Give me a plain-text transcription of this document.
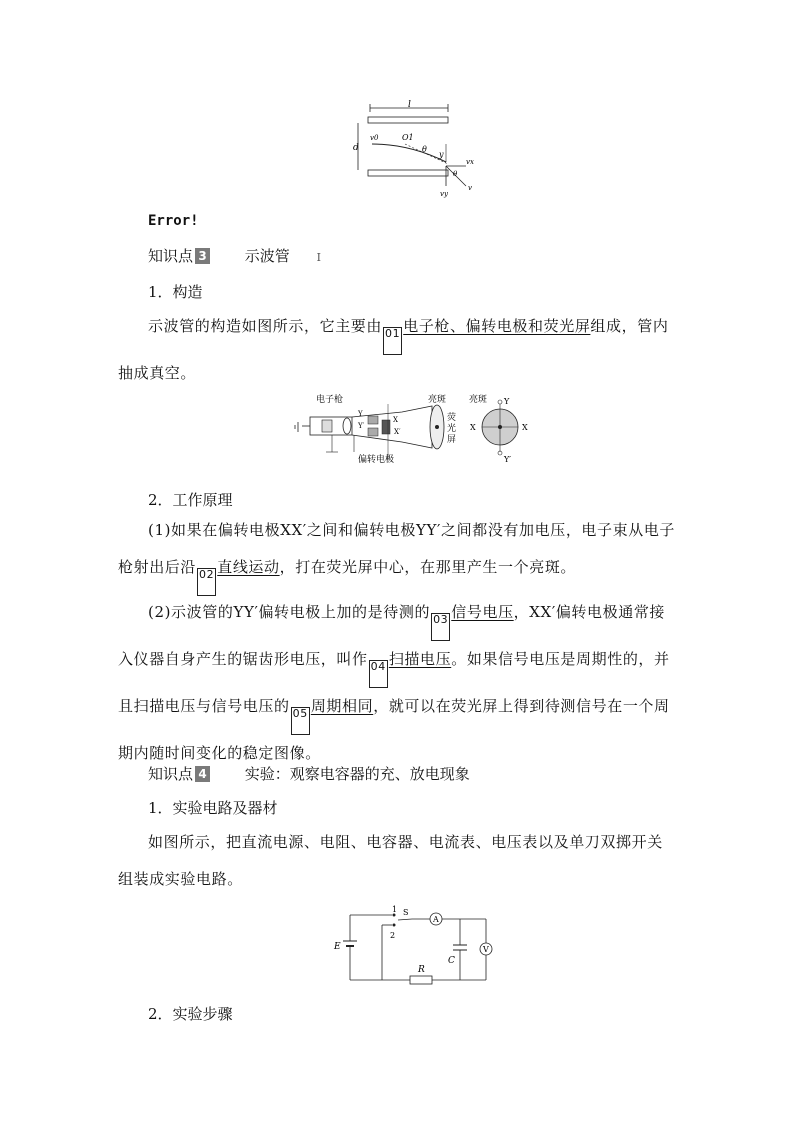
l
d
v0	O1
θ
y
vx
vy
v
θ
Error!
知识点 3	示波管 I
1．构造
示波管的构造如图所示，它主要由 01 电子枪、偏转电极和荧光屏组成，管内抽成真空。
电子枪
Y
Y′
X
X′
偏转电极
亮斑
荧
光
屏
亮斑 Y
X
X
Y′
2．工作原理
(1)如果在偏转电极XX′之间和偏转电极YY′之间都没有加电压，电子束从电子枪射出后沿 02 直线运动，打在荧光屏中心，在那里产生一个亮斑。
(2)示波管的YY′偏转电极上加的是待测的 03 信号电压，XX′偏转电极通常接入仪器自身产生的锯齿形电压，叫作 04 扫描电压。如果信号电压是周期性的，并且扫描电压与信号电压的 05 周期相同，就可以在荧光屏上得到待测信号在一个周期内随时间变化的稳定图像。
知识点 4	实验：观察电容器的充、放电现象
1．实验电路及器材
如图所示，把直流电源、电阻、电容器、电流表、电压表以及单刀双掷开关组装成实验电路。
E
1
2
S
A
C
V
R
2．实验步骤
